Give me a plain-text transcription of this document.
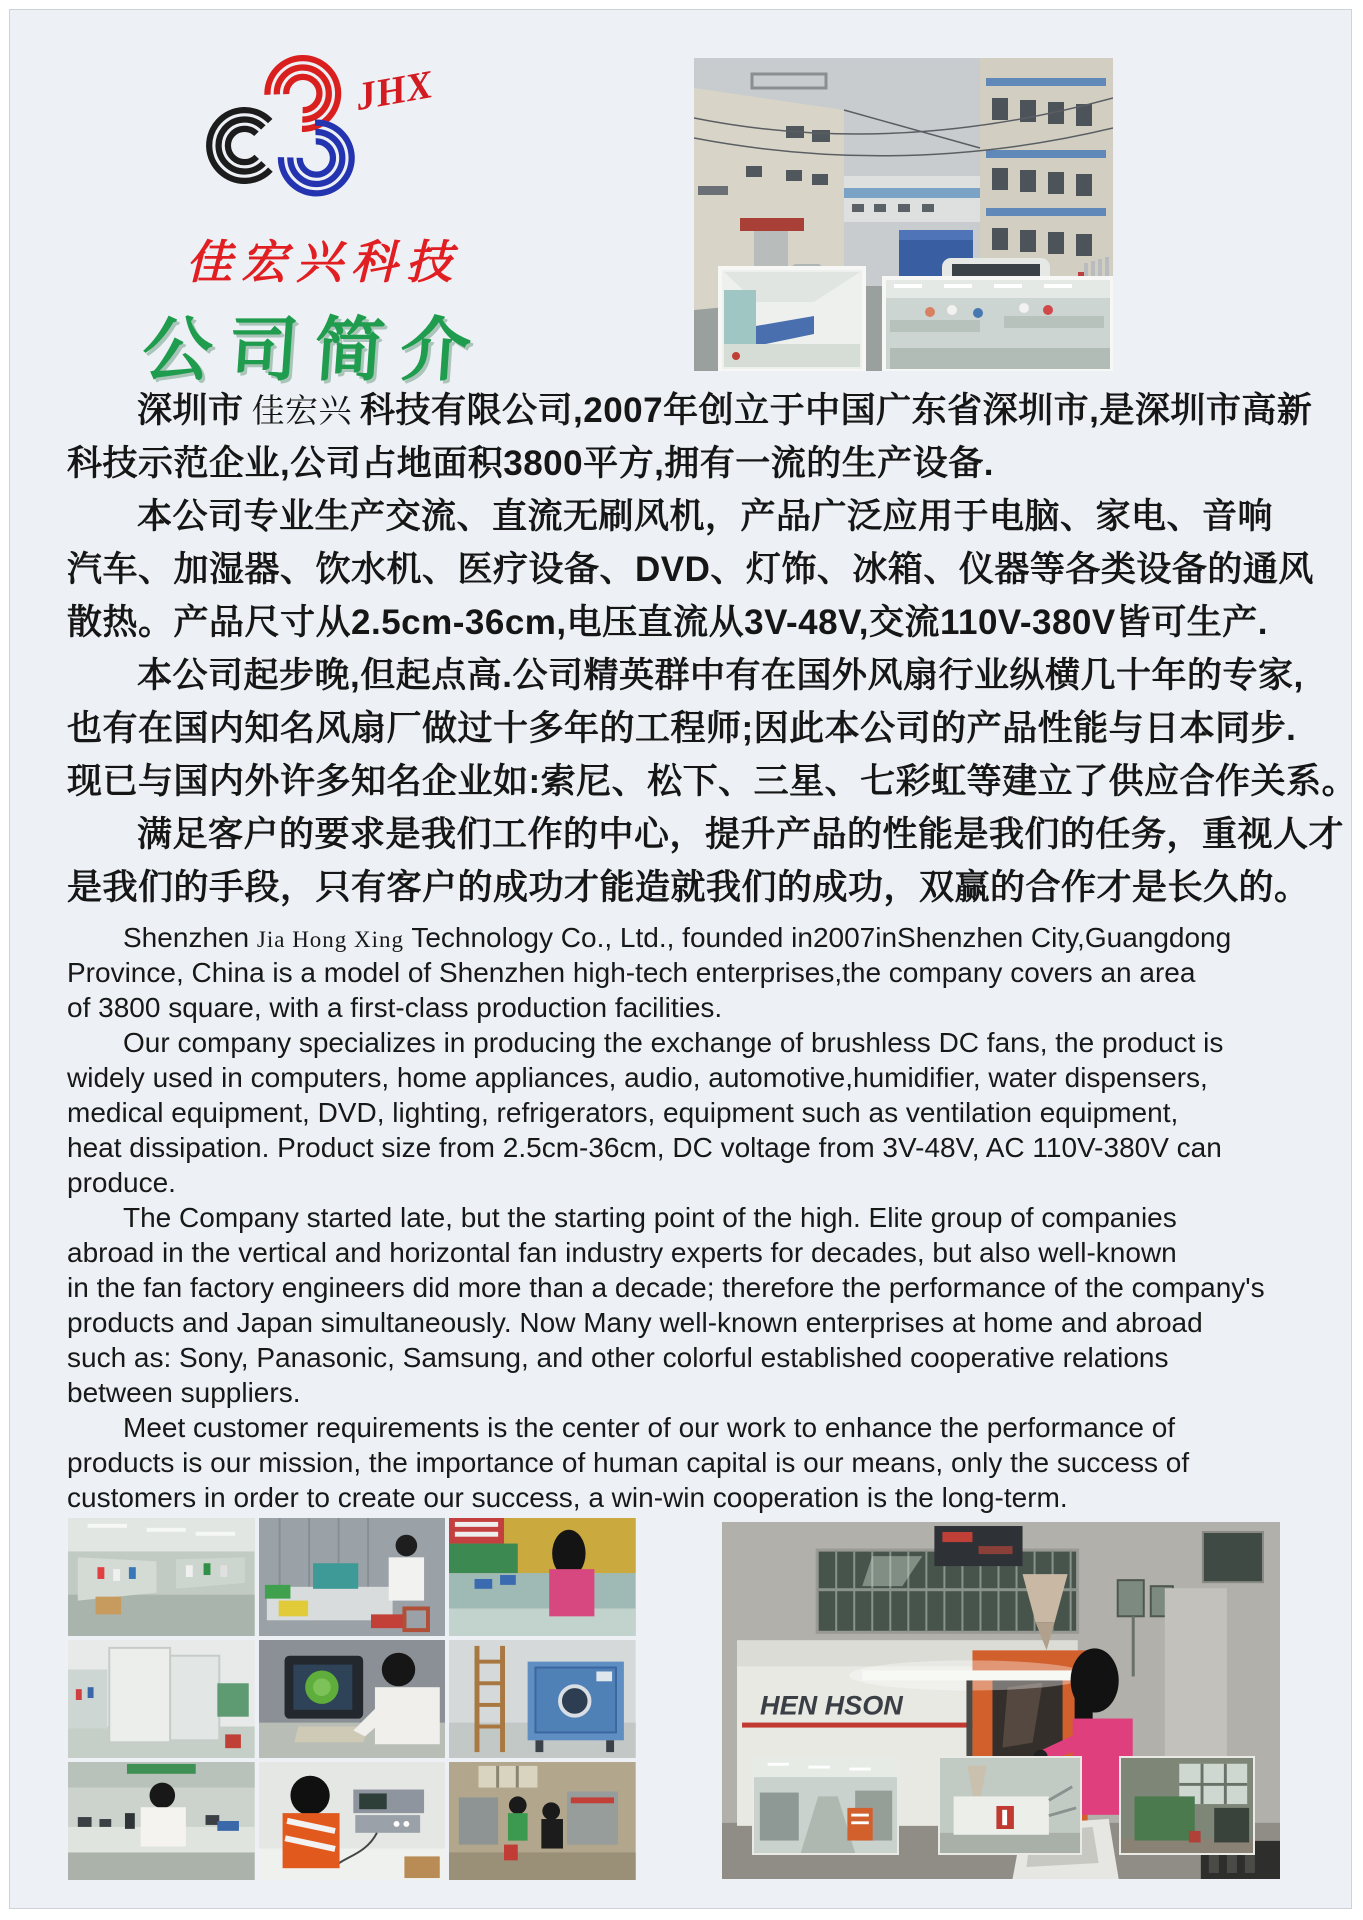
JHX
佳宏兴科技
公司简介
深圳市 佳宏兴 科技有限公司,2007年创立于中国广东省深圳市,是深圳市高新
科技示范企业,公司占地面积3800平方,拥有一流的生产设备.
本公司专业生产交流、直流无刷风机，产品广泛应用于电脑、家电、音响
汽车、加湿器、饮水机、医疗设备、DVD、灯饰、冰箱、仪器等各类设备的通风
散热。产品尺寸从2.5cm-36cm,电压直流从3V-48V,交流110V-380V皆可生产.
本公司起步晚,但起点高.公司精英群中有在国外风扇行业纵横几十年的专家,
也有在国内知名风扇厂做过十多年的工程师;因此本公司的产品性能与日本同步.
现已与国内外许多知名企业如:索尼、松下、三星、七彩虹等建立了供应合作关系。
满足客户的要求是我们工作的中心，提升产品的性能是我们的任务，重视人才
是我们的手段，只有客户的成功才能造就我们的成功，双赢的合作才是长久的。
Shenzhen Jia Hong Xing Technology Co., Ltd., founded in2007inShenzhen City,Guangdong
Province, China is a model of Shenzhen high-tech enterprises,the company covers an area
of 3800 square, with a first-class production facilities.
Our company specializes in producing the exchange of brushless DC fans, the product is
widely used in computers, home appliances, audio, automotive,humidifier, water dispensers,
medical equipment, DVD, lighting, refrigerators, equipment such as ventilation equipment,
heat dissipation. Product size from 2.5cm-36cm, DC voltage from 3V-48V, AC 110V-380V can
produce.
The Company started late, but the starting point of the high. Elite group of companies
abroad in the vertical and horizontal fan industry experts for decades, but also well-known
in the fan factory engineers did more than a decade; therefore the performance of the company's
products and Japan simultaneously. Now Many well-known enterprises at home and abroad
such as: Sony, Panasonic, Samsung, and other colorful established cooperative relations
between suppliers.
Meet customer requirements is the center of our work to enhance the performance of
products is our mission, the importance of human capital is our means, only the success of
customers in order to create our success, a win-win cooperation is the long-term.
HEN HSON
